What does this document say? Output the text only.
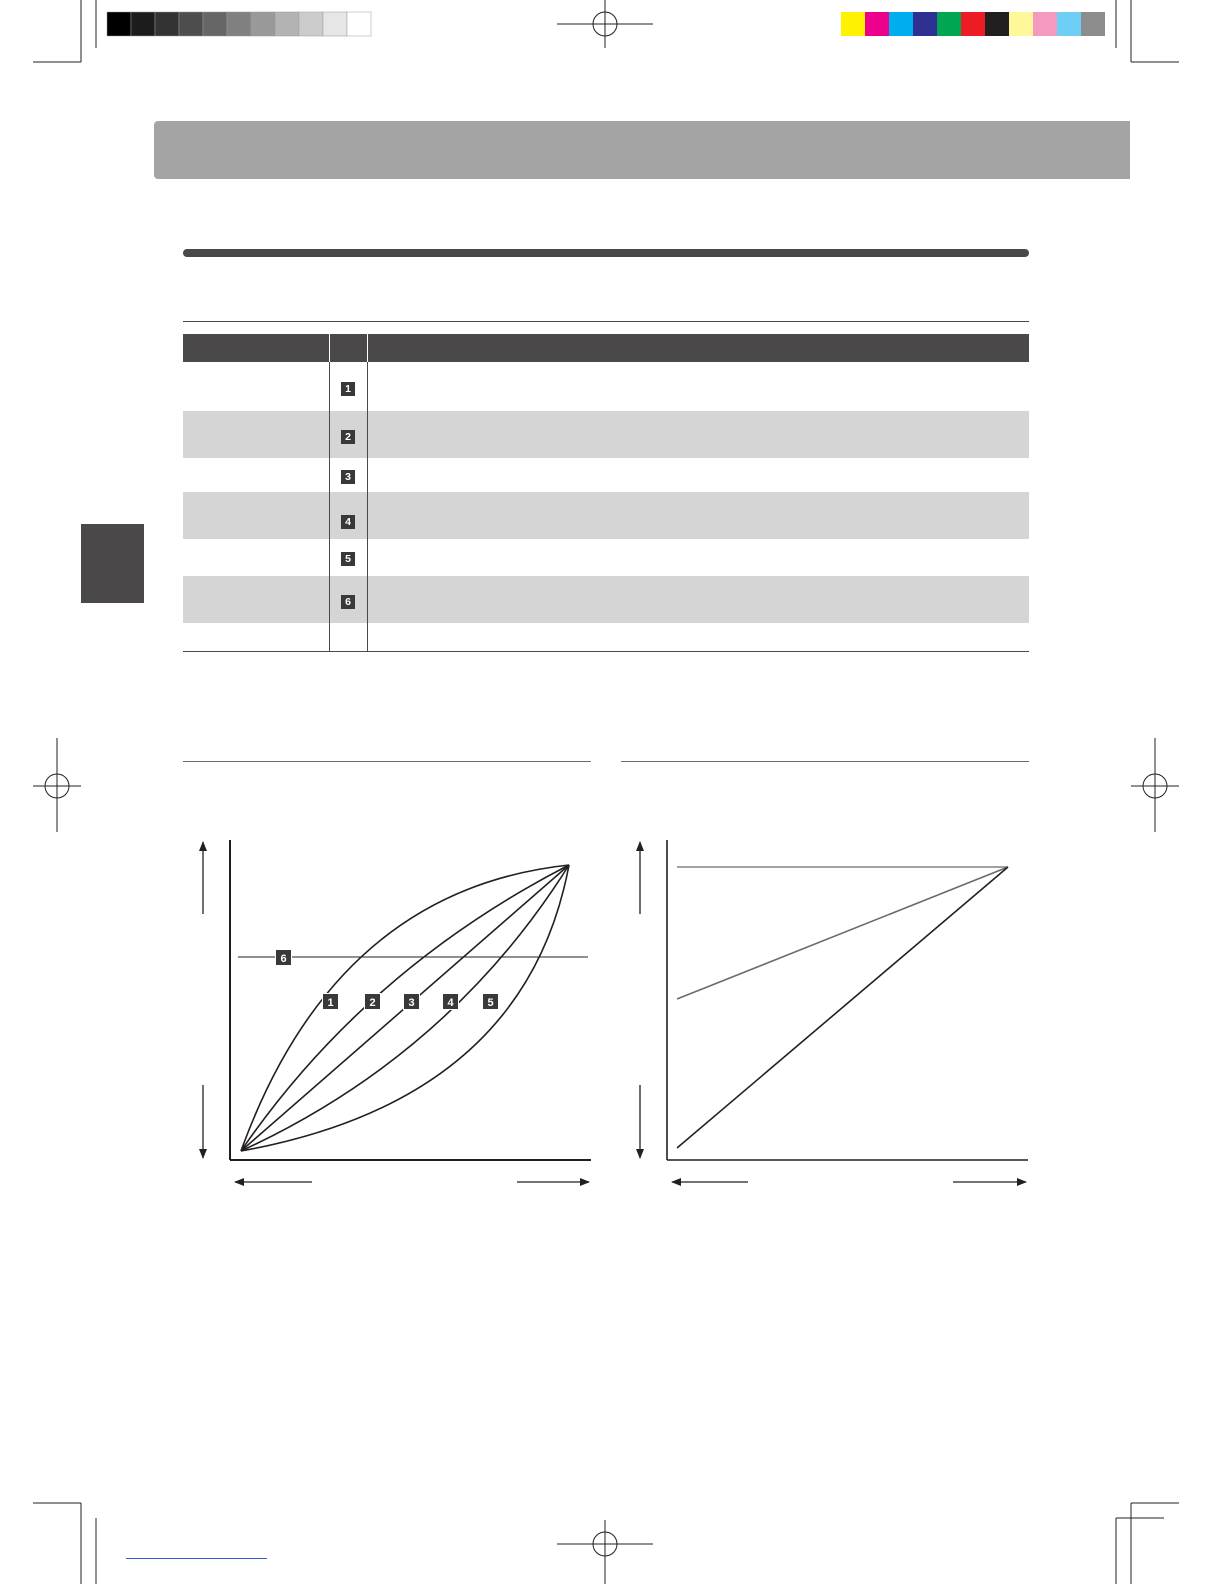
1
2
3
4
5
6
6
1	2	3	4	5
